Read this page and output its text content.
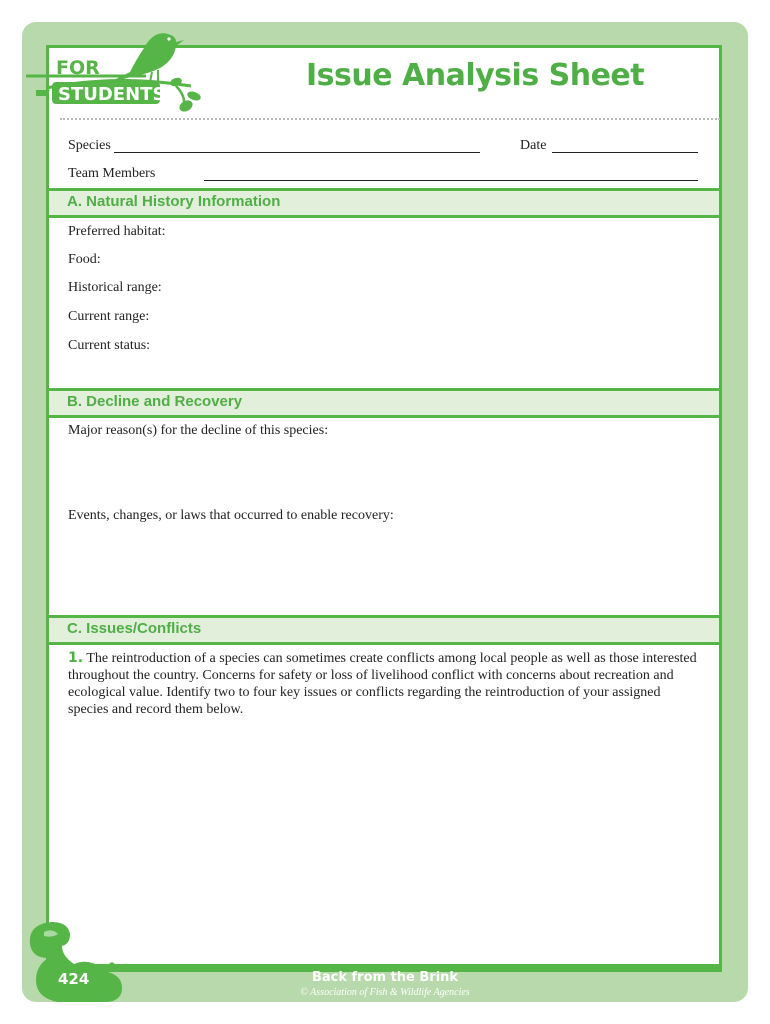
FOR
STUDENTS
Issue Analysis Sheet
Species	Date
Team Members
A. Natural History Information
Preferred habitat:
Food:
Historical range:
Current range:
Current status:
B. Decline and Recovery
Major reason(s) for the decline of this species:
Events, changes, or laws that occurred to enable recovery:
C. Issues/Conflicts
1. The reintroduction of a species can sometimes create conflicts among local people as well as those interested throughout the country. Concerns for safety or loss of livelihood conflict with concerns about recreation and ecological value. Identify two to four key issues or conflicts regarding the reintroduction of your assigned species and record them below.
424	Back from the Brink
© Association of Fish & Wildlife Agencies
